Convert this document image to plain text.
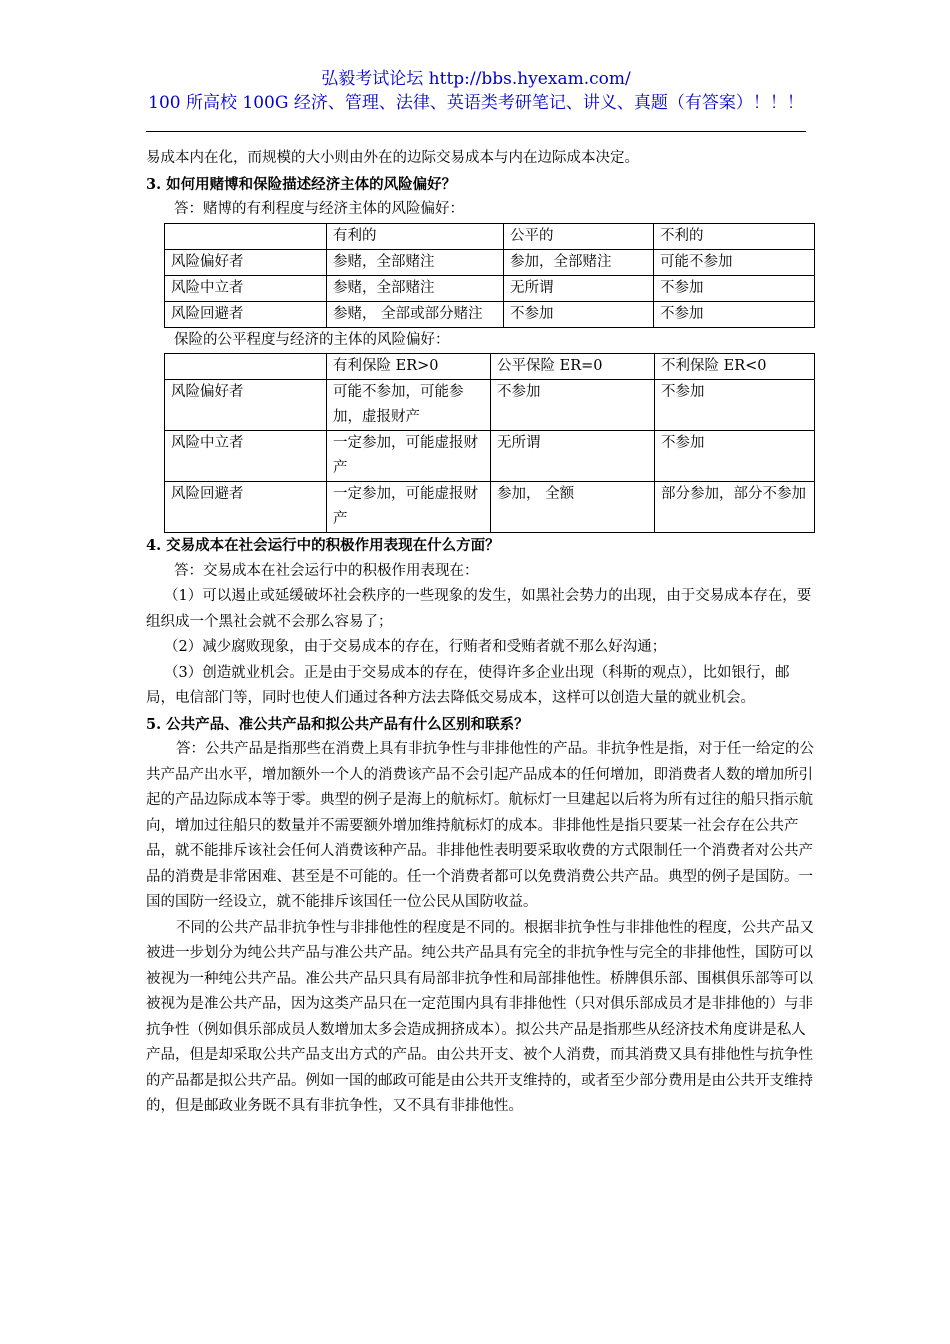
弘毅考试论坛 http://bbs.hyexam.com/
100 所高校 100G 经济、管理、法律、英语类考研笔记、讲义、真题（有答案）！！！

易成本内在化，而规模的大小则由外在的边际交易成本与内在边际成本决定。

3. 如何用赌博和保险描述经济主体的风险偏好？

答：赌博的有利程度与经济主体的风险偏好：

	有利的	公平的	不利的
风险偏好者	参赌，全部赌注	参加，全部赌注	可能不参加
风险中立者	参赌，全部赌注	无所谓	不参加
风险回避者	参赌， 全部或部分赌注	不参加	不参加

保险的公平程度与经济的主体的风险偏好：

	有利保险 ER>0	公平保险 ER=0	不利保险 ER<0
风险偏好者	可能不参加，可能参加，虚报财产	不参加	不参加
风险中立者	一定参加，可能虚报财产	无所谓	不参加
风险回避者	一定参加，可能虚报财产	参加， 全额	部分参加，部分不参加

4. 交易成本在社会运行中的积极作用表现在什么方面？

答：交易成本在社会运行中的积极作用表现在：

（1）可以遏止或延缓破坏社会秩序的一些现象的发生，如黑社会势力的出现，由于交易成本存在，要组织成一个黑社会就不会那么容易了；

（2）减少腐败现象，由于交易成本的存在，行贿者和受贿者就不那么好沟通；

（3）创造就业机会。正是由于交易成本的存在，使得许多企业出现（科斯的观点），比如银行，邮局，电信部门等，同时也使人们通过各种方法去降低交易成本，这样可以创造大量的就业机会。

5. 公共产品、准公共产品和拟公共产品有什么区别和联系？

答：公共产品是指那些在消费上具有非抗争性与非排他性的产品。非抗争性是指，对于任一给定的公共产品产出水平，增加额外一个人的消费该产品不会引起产品成本的任何增加，即消费者人数的增加所引起的产品边际成本等于零。典型的例子是海上的航标灯。航标灯一旦建起以后将为所有过往的船只指示航向，增加过往船只的数量并不需要额外增加维持航标灯的成本。非排他性是指只要某一社会存在公共产品，就不能排斥该社会任何人消费该种产品。非排他性表明要采取收费的方式限制任一个消费者对公共产品的消费是非常困难、甚至是不可能的。任一个消费者都可以免费消费公共产品。典型的例子是国防。一国的国防一经设立，就不能排斥该国任一位公民从国防收益。

不同的公共产品非抗争性与非排他性的程度是不同的。根据非抗争性与非排他性的程度，公共产品又被进一步划分为纯公共产品与准公共产品。纯公共产品具有完全的非抗争性与完全的非排他性，国防可以被视为一种纯公共产品。准公共产品只具有局部非抗争性和局部排他性。桥牌俱乐部、围棋俱乐部等可以被视为是准公共产品，因为这类产品只在一定范围内具有非排他性（只对俱乐部成员才是非排他的）与非抗争性（例如俱乐部成员人数增加太多会造成拥挤成本）。拟公共产品是指那些从经济技术角度讲是私人产品，但是却采取公共产品支出方式的产品。由公共开支、被个人消费，而其消费又具有排他性与抗争性的产品都是拟公共产品。例如一国的邮政可能是由公共开支维持的，或者至少部分费用是由公共开支维持的，但是邮政业务既不具有非抗争性，又不具有非排他性。
